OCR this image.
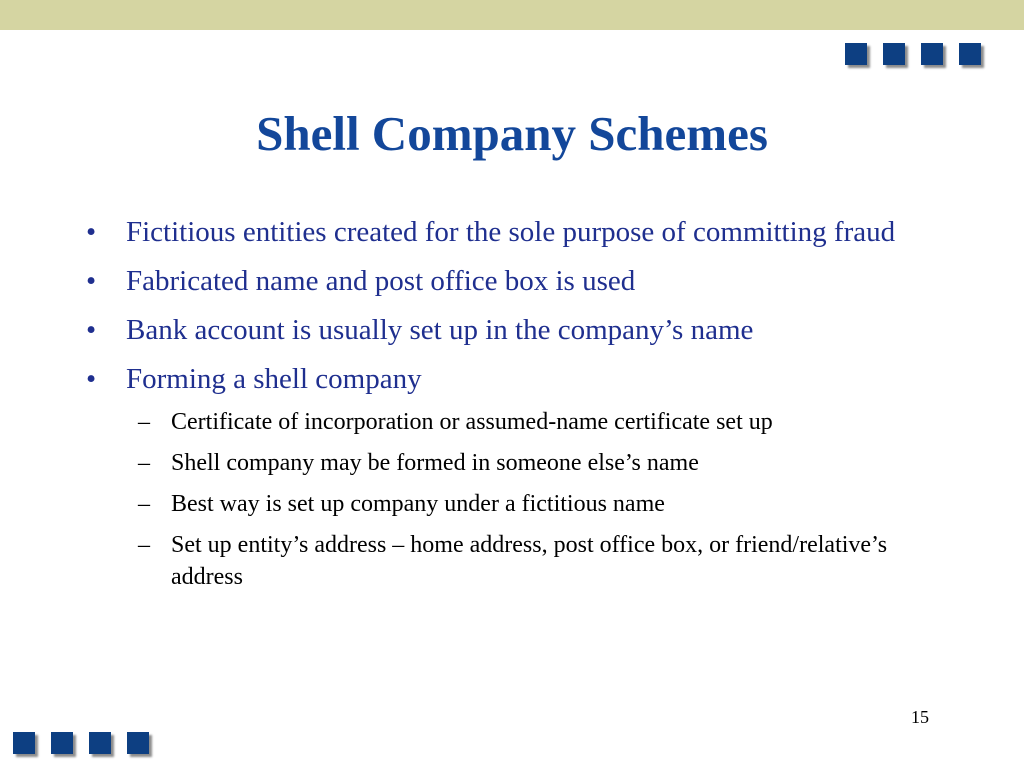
Shell Company Schemes
• Fictitious entities created for the sole purpose of committing fraud
• Fabricated name and post office box is used
• Bank account is usually set up in the company’s name
• Forming a shell company
– Certificate of incorporation or assumed-name certificate set up
– Shell company may be formed in someone else’s name
– Best way is set up company under a fictitious name
– Set up entity’s address – home address, post office box, or friend/relative’s address
15
